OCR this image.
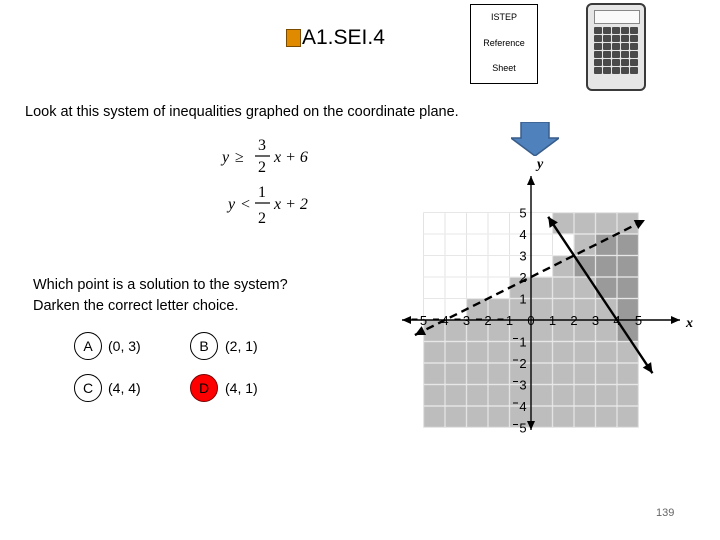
A1.SEI.4
ISTEP
Reference
Sheet
Look at this system of inequalities graphed on the coordinate plane.
y ≥
3
2
x + 6
y <
1
2
x + 2
Which point is a solution to the system?
Darken the correct letter choice.
A	(0, 3)	B	(2, 1)
C	(4, 4)	D	(4, 1)
5 4 3 2 1 0 1 2 3 4 5
5
4
3
2
1
1
2
3
4
5
x
y
139
